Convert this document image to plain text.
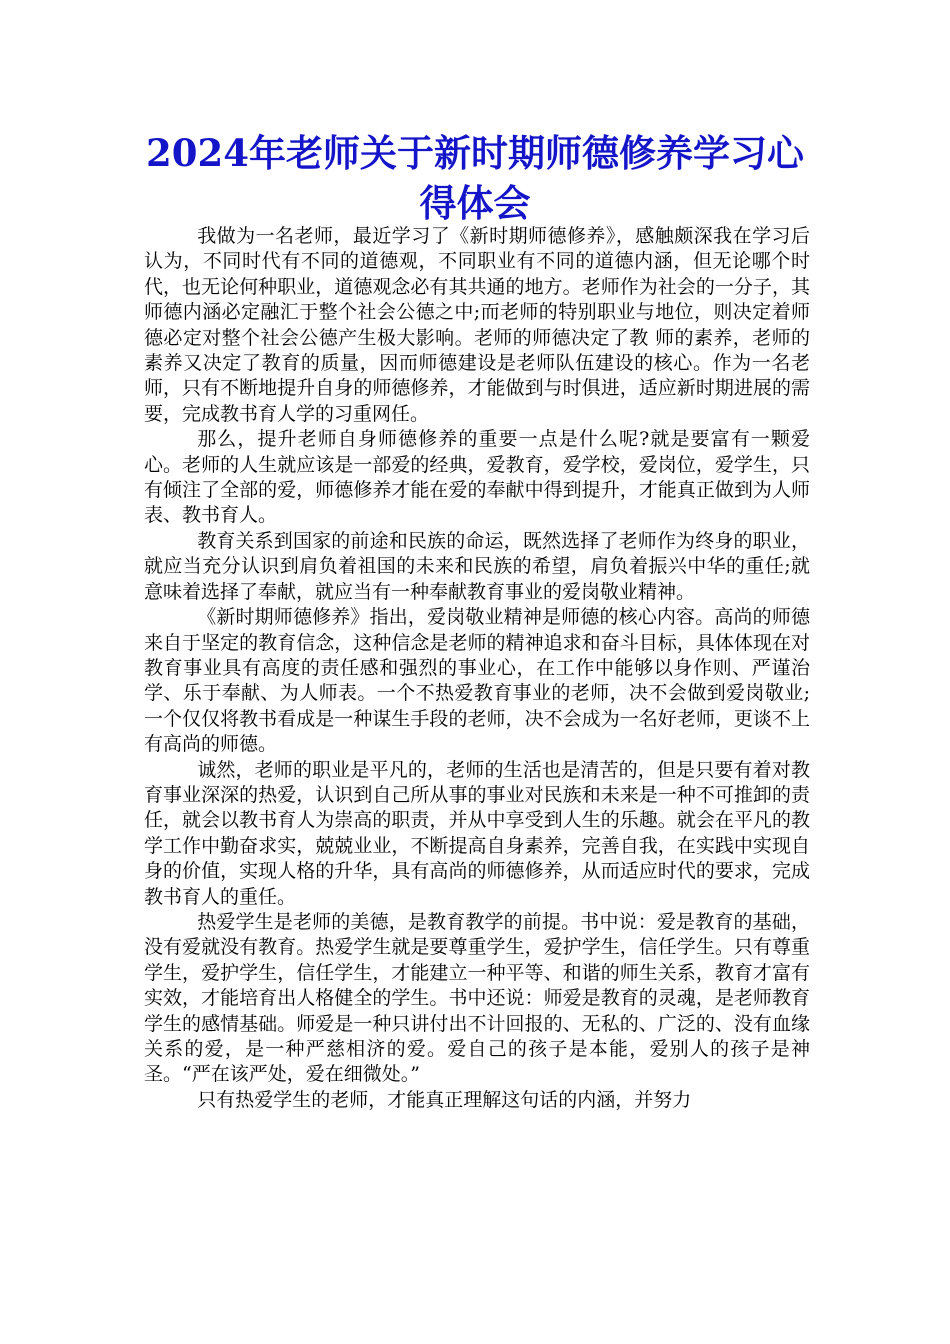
2024年老师关于新时期师德修养学习心得体会

我做为一名老师，最近学习了《新时期师德修养》，感触颇深我在学习后认为，不同时代有不同的道德观，不同职业有不同的道德内涵，但无论哪个时代，也无论何种职业，道德观念必有其共通的地方。老师作为社会的一分子，其师德内涵必定融汇于整个社会公德之中;而老师的特别职业与地位，则决定着师德必定对整个社会公德产生极大影响。老师的师德决定了教 师的素养，老师的素养又决定了教育的质量，因而师德建设是老师队伍建设的核心。作为一名老师，只有不断地提升自身的师德修养，才能做到与时俱进，适应新时期进展的需要，完成教书育人学的习重网任。

那么，提升老师自身师德修养的重要一点是什么呢?就是要富有一颗爱心。老师的人生就应该是一部爱的经典，爱教育，爱学校，爱岗位，爱学生，只有倾注了全部的爱，师德修养才能在爱的奉献中得到提升，才能真正做到为人师表、教书育人。

教育关系到国家的前途和民族的命运，既然选择了老师作为终身的职业，就应当充分认识到肩负着祖国的未来和民族的希望，肩负着振兴中华的重任;就意味着选择了奉献，就应当有一种奉献教育事业的爱岗敬业精神。

《新时期师德修养》指出，爱岗敬业精神是师德的核心内容。高尚的师德来自于坚定的教育信念，这种信念是老师的精神追求和奋斗目标，具体体现在对教育事业具有高度的责任感和强烈的事业心，在工作中能够以身作则、严谨治学、乐于奉献、为人师表。一个不热爱教育事业的老师，决不会做到爱岗敬业;一个仅仅将教书看成是一种谋生手段的老师，决不会成为一名好老师，更谈不上有高尚的师德。

诚然，老师的职业是平凡的，老师的生活也是清苦的，但是只要有着对教育事业深深的热爱，认识到自己所从事的事业对民族和未来是一种不可推卸的责任，就会以教书育人为崇高的职责，并从中享受到人生的乐趣。就会在平凡的教学工作中勤奋求实，兢兢业业，不断提高自身素养，完善自我，在实践中实现自身的价值，实现人格的升华，具有高尚的师德修养，从而适应时代的要求，完成教书育人的重任。

热爱学生是老师的美德，是教育教学的前提。书中说：爱是教育的基础，没有爱就没有教育。热爱学生就是要尊重学生，爱护学生，信任学生。只有尊重学生，爱护学生，信任学生，才能建立一种平等、和谐的师生关系，教育才富有实效，才能培育出人格健全的学生。书中还说：师爱是教育的灵魂，是老师教育学生的感情基础。师爱是一种只讲付出不计回报的、无私的、广泛的、没有血缘关系的爱，是一种严慈相济的爱。爱自己的孩子是本能，爱别人的孩子是神圣。“严在该严处，爱在细微处。”

只有热爱学生的老师，才能真正理解这句话的内涵，并努力
